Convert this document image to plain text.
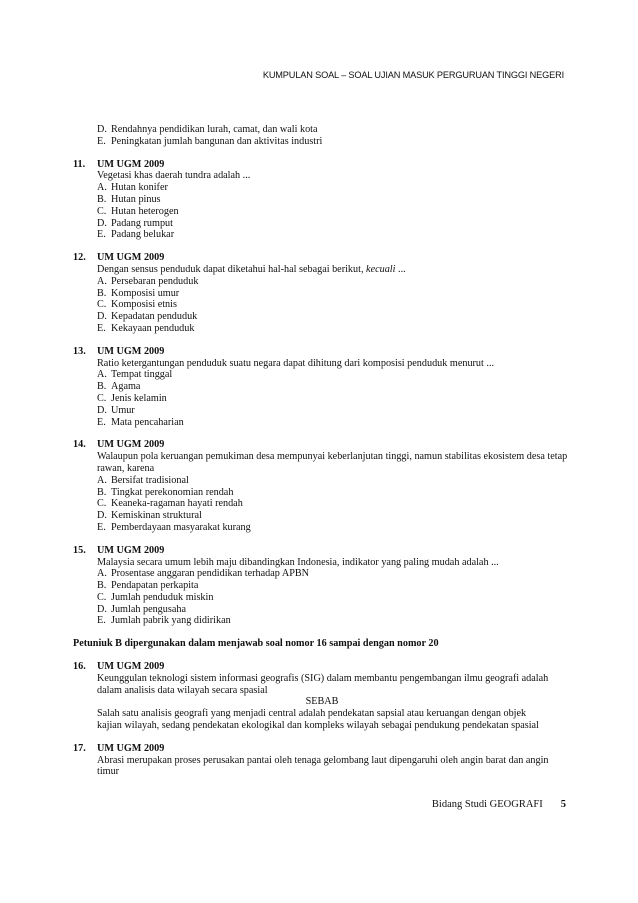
KUMPULAN SOAL – SOAL UJIAN MASUK PERGURUAN TINGGI NEGERI
D. Rendahnya pendidikan lurah, camat, dan wali kota
E. Peningkatan jumlah bangunan dan aktivitas industri
11.	UM UGM 2009
Vegetasi khas daerah tundra adalah ...
A. Hutan konifer
B. Hutan pinus
C. Hutan heterogen
D. Padang rumput
E. Padang belukar
12.	UM UGM 2009
Dengan sensus penduduk dapat diketahui hal-hal sebagai berikut, kecuali ...
A. Persebaran penduduk
B. Komposisi umur
C. Komposisi etnis
D. Kepadatan penduduk
E. Kekayaan penduduk
13.	UM UGM 2009
Ratio ketergantungan penduduk suatu negara dapat dihitung dari komposisi penduduk menurut ...
A. Tempat tinggal
B. Agama
C. Jenis kelamin
D. Umur
E. Mata pencaharian
14.	UM UGM 2009
Walaupun pola keruangan pemukiman desa mempunyai keberlanjutan tinggi, namun stabilitas ekosistem desa tetap
rawan, karena
A. Bersifat tradisional
B. Tingkat perekonomian rendah
C. Keaneka-ragaman hayati rendah
D. Kemiskinan struktural
E. Pemberdayaan masyarakat kurang
15.	UM UGM 2009
Malaysia secara umum lebih maju dibandingkan Indonesia, indikator yang paling mudah adalah ...
A. Prosentase anggaran pendidikan terhadap APBN
B. Pendapatan perkapita
C. Jumlah penduduk miskin
D. Jumlah pengusaha
E. Jumlah pabrik yang didirikan
Petuniuk B dipergunakan dalam menjawab soal nomor 16 sampai dengan nomor 20
16.	UM UGM 2009
Keunggulan teknologi sistem informasi geografis (SIG) dalam membantu pengembangan ilmu geografi adalah
dalam analisis data wilayah secara spasial
SEBAB
Salah satu analisis geografi yang menjadi central adalah pendekatan sapsial atau keruangan dengan objek
kajian wilayah, sedang pendekatan ekologikal dan kompleks wilayah sebagai pendukung pendekatan spasial
17.	UM UGM 2009
Abrasi merupakan proses perusakan pantai oleh tenaga gelombang laut dipengaruhi oleh angin barat dan angin
timur
Bidang Studi GEOGRAFI 5
